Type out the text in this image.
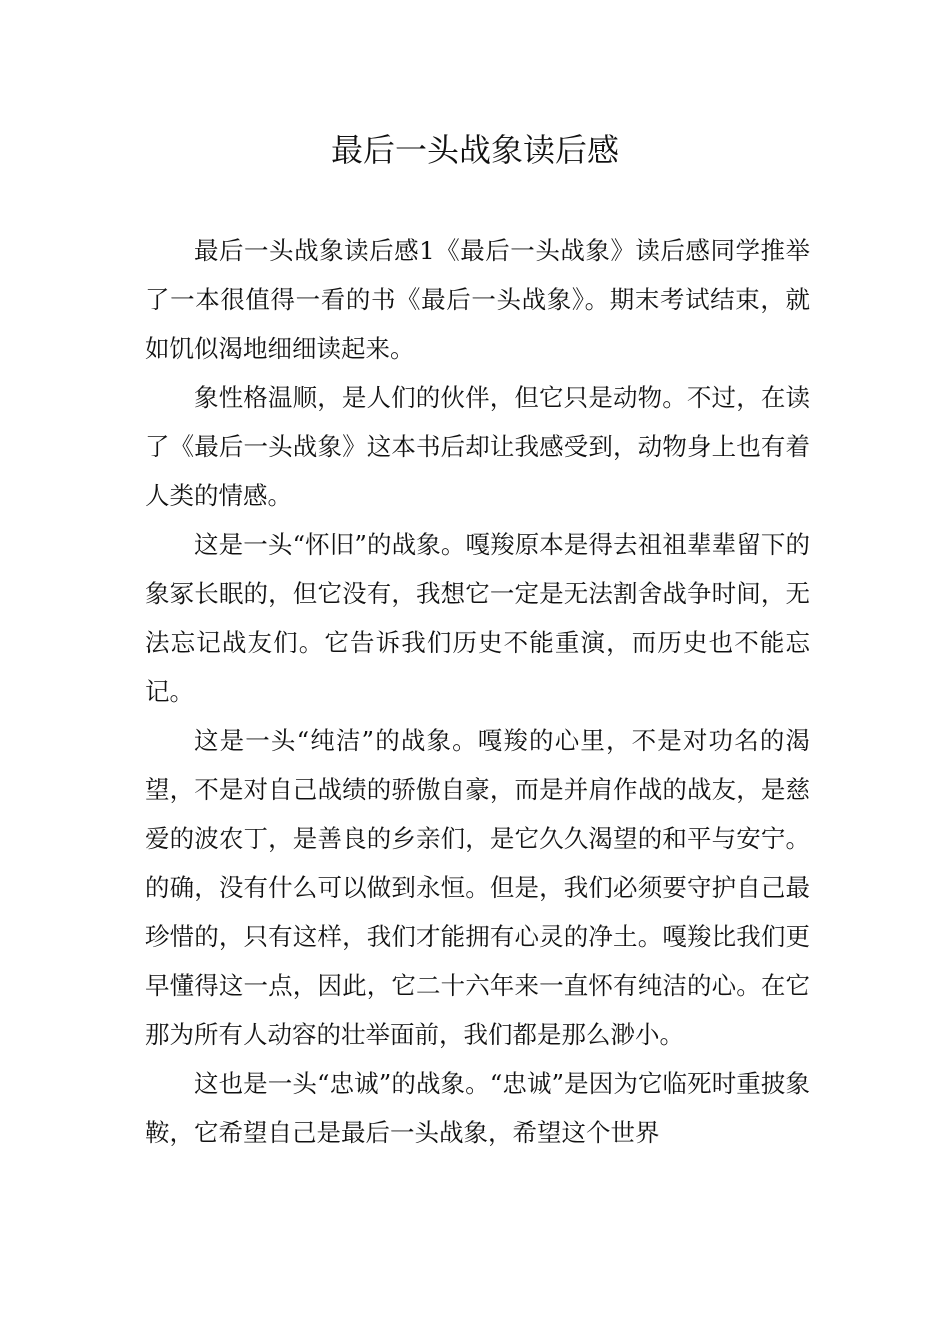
最后一头战象读后感

最后一头战象读后感1《最后一头战象》读后感同学推举了一本很值得一看的书《最后一头战象》。期末考试结束，就如饥似渴地细细读起来。

象性格温顺，是人们的伙伴，但它只是动物。不过，在读了《最后一头战象》这本书后却让我感受到，动物身上也有着人类的情感。

这是一头“怀旧”的战象。嘎羧原本是得去祖祖辈辈留下的象冢长眠的，但它没有，我想它一定是无法割舍战争时间，无法忘记战友们。它告诉我们历史不能重演，而历史也不能忘记。

这是一头“纯洁”的战象。嘎羧的心里，不是对功名的渴望，不是对自己战绩的骄傲自豪，而是并肩作战的战友，是慈爱的波农丁，是善良的乡亲们，是它久久渴望的和平与安宁。的确，没有什么可以做到永恒。但是，我们必须要守护自己最珍惜的，只有这样，我们才能拥有心灵的净土。嘎羧比我们更早懂得这一点，因此，它二十六年来一直怀有纯洁的心。在它那为所有人动容的壮举面前，我们都是那么渺小。

这也是一头“忠诚”的战象。“忠诚”是因为它临死时重披象鞍，它希望自己是最后一头战象，希望这个世界
